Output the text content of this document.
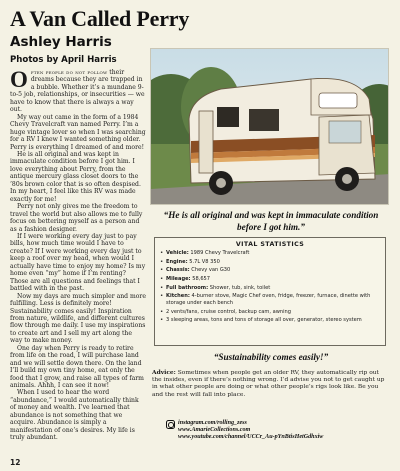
A Van Called Perry
Ashley Harris
Photos by April Harris

Often people do not follow their dreams because they are trapped in a bubble. Whether it’s a mundane 9-to-5 job, relationships, or insecurities — we have to know that there is always a way out.

My way out came in the form of a 1984 Chevy Travelcraft van named Perry. I’m a huge vintage lover so when I was searching for a RV I knew I wanted something older. Perry is everything I dreamed of and more!

He is all original and was kept in immaculate condition before I got him. I love everything about Perry, from the antique mercury glass closet doors to the ’80s brown color that is so often despised. In my heart, I feel like this RV was made exactly for me!

Perry not only gives me the freedom to travel the world but also allows me to fully focus on bettering myself as a person and as a fashion designer.

If I were working every day just to pay bills, how much time would I have to create? If I were working every day just to keep a roof over my head, when would I actually have time to enjoy my home? Is my home even “my” home if I’m renting? Those are all questions and feelings that I battled with in the past.

Now my days are much simpler and more fulfilling. Less is definitely more! Sustainability comes easily! Inspiration from nature, wildlife, and different cultures flow through me daily. I use my inspirations to create art and I sell my art along the way to make money.

One day when Perry is ready to retire from life on the road, I will purchase land and we will settle down there. On the land I’ll build my own tiny home, eat only the food that I grow, and raise all types of farm animals. Ahhh, I can see it now!

When I used to hear the word “abundance,” I would automatically think of money and wealth. I’ve learned that abundance is not something that we acquire. Abundance is simply a manifestation of one’s desires. My life is truly abundant.

“He is all original and was kept in immaculate condition before I got him.”
VITAL STATISTICS
• Vehicle: 1989 Chevy Travelcraft
• Engine: 5.7L V8 350
• Chassis: Chevy van G30
• Mileage: 58,657
• Full bathroom: Shower, tub, sink, toilet
• Kitchen: 4-burner stove, Magic Chef oven, fridge, freezer, furnace, dinette with storage under each bench
• 2 vents/fans, cruise control, backup cam, awning
• 3 sleeping areas, tons and tons of storage all over, generator, stereo system
“Sustainability comes easily!”
Advice: Sometimes when people get an older RV, they automatically rip out the insides, even if there’s nothing wrong. I’d advise you not to get caught up in what other people are doing or what other people’s rigs look like. Be you and the rest will fall into place.
instagram.com/rolling_zess
www.AmarieCollections.com
www.youtube.com/channel/UCCr_Au-pYnBtisHetGdhxiw
12
